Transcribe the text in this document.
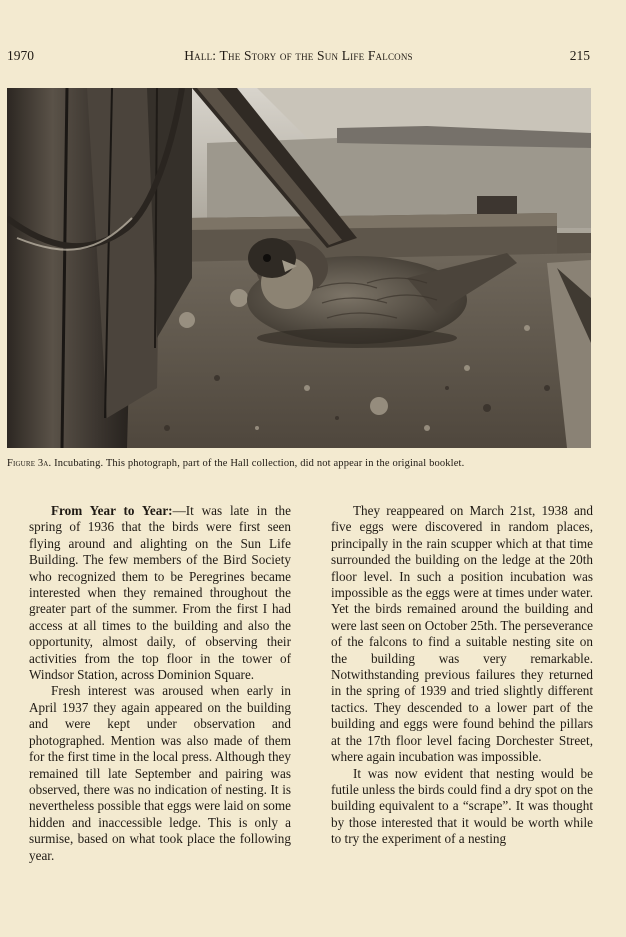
1970	Hall: The Story of the Sun Life Falcons	215
Figure 3a. Incubating. This photograph, part of the Hall collection, did not appear in the original booklet.

From Year to Year:—It was late in the spring of 1936 that the birds were first seen flying around and alighting on the Sun Life Building. The few members of the Bird Society who recognized them to be Peregrines became interested when they remained throughout the greater part of the summer. From the first I had access at all times to the building and also the opportunity, almost daily, of observing their activities from the top floor in the tower of Windsor Station, across Dominion Square.

Fresh interest was aroused when early in April 1937 they again appeared on the building and were kept under observation and photographed. Mention was also made of them for the first time in the local press. Although they remained till late September and pairing was observed, there was no indication of nesting. It is nevertheless possible that eggs were laid on some hidden and inaccessible ledge. This is only a surmise, based on what took place the following year.

They reappeared on March 21st, 1938 and five eggs were discovered in random places, principally in the rain scupper which at that time surrounded the building on the ledge at the 20th floor level. In such a position incubation was impossible as the eggs were at times under water. Yet the birds remained around the building and were last seen on October 25th. The perseverance of the falcons to find a suitable nesting site on the building was very remarkable. Notwithstanding previous failures they returned in the spring of 1939 and tried slightly different tactics. They descended to a lower part of the building and eggs were found behind the pillars at the 17th floor level facing Dorchester Street, where again incubation was impossible.

It was now evident that nesting would be futile unless the birds could find a dry spot on the building equivalent to a “scrape”. It was thought by those interested that it would be worth while to try the experiment of a nesting
